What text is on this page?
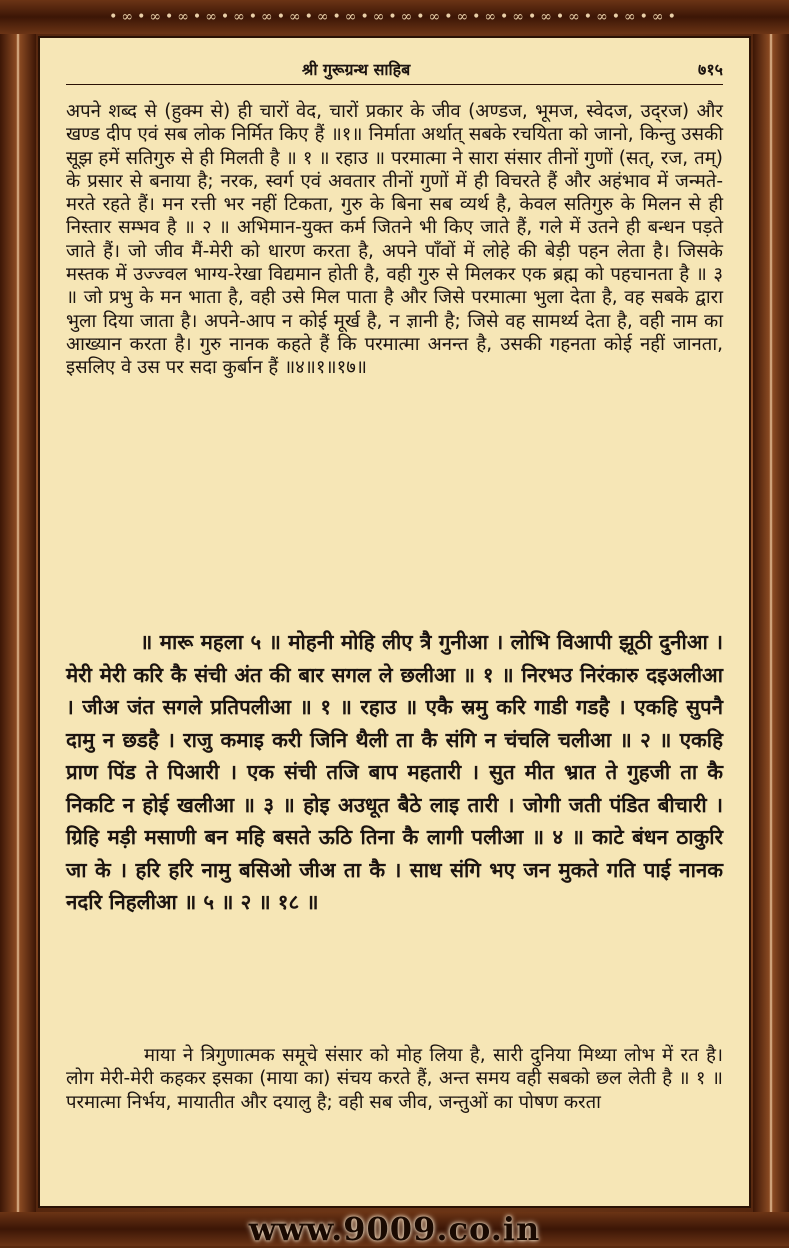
•∞•∞•∞•∞•∞•∞•∞•∞•∞•∞•∞•∞•∞•∞•∞•∞•∞•∞•∞•∞•
श्री गुरूग्रन्थ साहिब	७१५

अपने शब्द से (हुक्म से) ही चारों वेद, चारों प्रकार के जीव (अण्डज, भूमज, स्वेदज, उद्‌रज) और खण्ड दीप एवं सब लोक निर्मित किए हैं ॥१॥ निर्माता अर्थात् सबके रचयिता को जानो, किन्तु उसकी सूझ हमें सतिगुरु से ही मिलती है ॥ १ ॥ रहाउ ॥ परमात्मा ने सारा संसार तीनों गुणों (सत्, रज, तम्) के प्रसार से बनाया है; नरक, स्वर्ग एवं अवतार तीनों गुणों में ही विचरते हैं और अहंभाव में जन्मते-मरते रहते हैं। मन रत्ती भर नहीं टिकता, गुरु के बिना सब व्यर्थ है, केवल सतिगुरु के मिलन से ही निस्तार सम्भव है ॥ २ ॥ अभिमान-युक्त कर्म जितने भी किए जाते हैं, गले में उतने ही बन्धन पड़ते जाते हैं। जो जीव मैं-मेरी को धारण करता है, अपने पाँवों में लोहे की बेड़ी पहन लेता है। जिसके मस्तक में उज्ज्वल भाग्य-रेखा विद्यमान होती है, वही गुरु से मिलकर एक ब्रह्म को पहचानता है ॥ ३ ॥ जो प्रभु के मन भाता है, वही उसे मिल पाता है और जिसे परमात्मा भुला देता है, वह सबके द्वारा भुला दिया जाता है। अपने-आप न कोई मूर्ख है, न ज्ञानी है; जिसे वह सामर्थ्य देता है, वही नाम का आख्यान करता है। गुरु नानक कहते हैं कि परमात्मा अनन्त है, उसकी गहनता कोई नहीं जानता, इसलिए वे उस पर सदा कुर्बान हैं ॥४॥१॥१७॥

॥ मारू महला ५ ॥ मोहनी मोहि लीए त्रै गुनीआ । लोभि विआपी झूठी दुनीआ । मेरी मेरी करि कै संची अंत की बार सगल ले छलीआ ॥ १ ॥ निरभउ निरंकारु दइअलीआ । जीअ जंत सगले प्रतिपलीआ ॥ १ ॥ रहाउ ॥ एकै स्रमु करि गाडी गडहै । एकहि सुपनै दामु न छडहै । राजु कमाइ करी जिनि थैली ता कै संगि न चंचलि चलीआ ॥ २ ॥ एकहि प्राण पिंड ते पिआरी । एक संची तजि बाप महतारी । सुत मीत भ्रात ते गुहजी ता कै निकटि न होई खलीआ ॥ ३ ॥ होइ अउधूत बैठे लाइ तारी । जोगी जती पंडित बीचारी । ग्रिहि मड़ी मसाणी बन महि बसते ऊठि तिना कै लागी पलीआ ॥ ४ ॥ काटे बंधन ठाकुरि जा के । हरि हरि नामु बसिओ जीअ ता कै । साध संगि भए जन मुकते गति पाई नानक नदरि निहलीआ ॥ ५ ॥ २ ॥ १८ ॥

माया ने त्रिगुणात्मक समूचे संसार को मोह लिया है, सारी दुनिया मिथ्या लोभ में रत है। लोग मेरी-मेरी कहकर इसका (माया का) संचय करते हैं, अन्त समय वही सबको छल लेती है ॥ १ ॥ परमात्मा निर्भय, मायातीत और दयालु है; वही सब जीव, जन्तुओं का पोषण करता

www.9009.co.in
